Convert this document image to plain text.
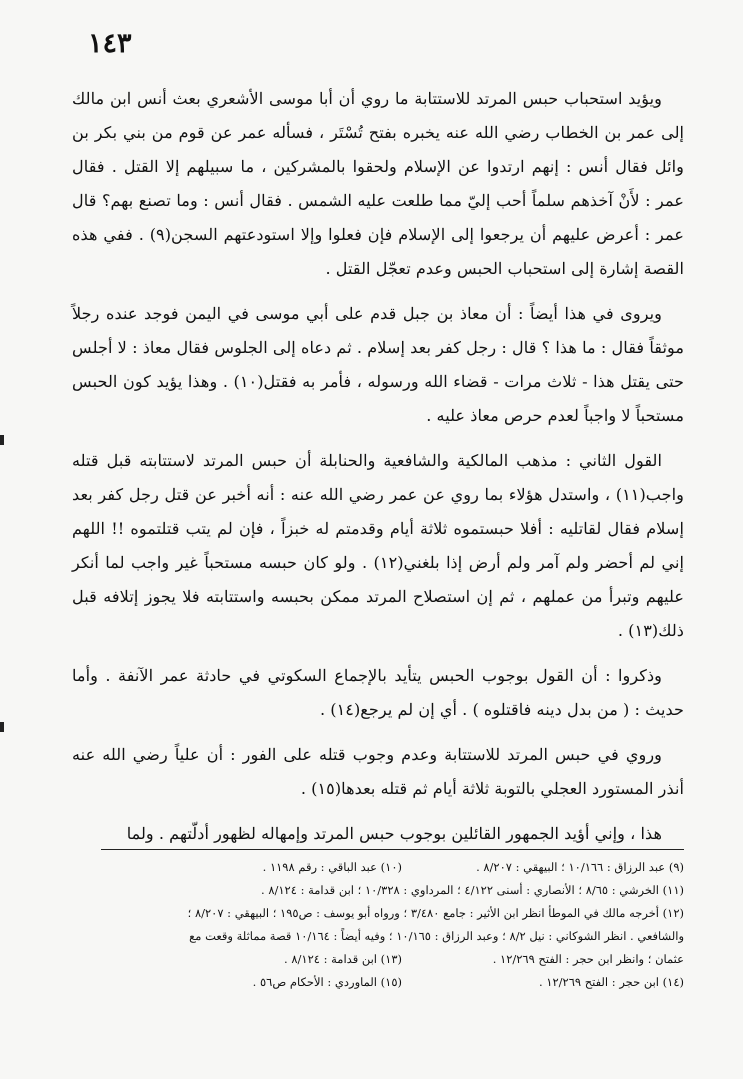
١٤٣

ويؤيد استحباب حبس المرتد للاستتابة ما روي أن أبا موسى الأشعري بعث أنس ابن مالك إلى عمر بن الخطاب رضي الله عنه يخبره بفتح تُسْتَر ، فسأله عمر عن قوم من بني بكر بن وائل فقال أنس : إنهم ارتدوا عن الإسلام ولحقوا بالمشركين ، ما سبيلهم إلا القتل . فقال عمر : لأَنْ آخذهم سلماً أحب إليّ مما طلعت عليه الشمس . فقال أنس : وما تصنع بهم؟ قال عمر : أعرض عليهم أن يرجعوا إلى الإسلام فإن فعلوا وإلا استودعتهم السجن(٩) . ففي هذه القصة إشارة إلى استحباب الحبس وعدم تعجّل القتل .

ويروى في هذا أيضاً : أن معاذ بن جبل قدم على أبي موسى في اليمن فوجد عنده رجلاً موثقاً فقال : ما هذا ؟ قال : رجل كفر بعد إسلام . ثم دعاه إلى الجلوس فقال معاذ : لا أجلس حتى يقتل هذا - ثلاث مرات - قضاء الله ورسوله ، فأمر به فقتل(١٠) . وهذا يؤيد كون الحبس مستحباً لا واجباً لعدم حرص معاذ عليه .

القول الثاني : مذهب المالكية والشافعية والحنابلة أن حبس المرتد لاستتابته قبل قتله واجب(١١) ، واستدل هؤلاء بما روي عن عمر رضي الله عنه : أنه أخبر عن قتل رجل كفر بعد إسلام فقال لقاتليه : أفلا حبستموه ثلاثة أيام وقدمتم له خبزاً ، فإن لم يتب قتلتموه !! اللهم إني لم أحضر ولم آمر ولم أرض إذا بلغني(١٢) . ولو كان حبسه مستحباً غير واجب لما أنكر عليهم وتبرأ من عملهم ، ثم إن استصلاح المرتد ممكن بحبسه واستتابته فلا يجوز إتلافه قبل ذلك(١٣) .

وذكروا : أن القول بوجوب الحبس يتأيد بالإجماع السكوتي في حادثة عمر الآنفة . وأما حديث : ( من بدل دينه فاقتلوه ) . أي إن لم يرجع(١٤) .

وروي في حبس المرتد للاستتابة وعدم وجوب قتله على الفور : أن علياً رضي الله عنه أنذر المستورد العجلي بالتوبة ثلاثة أيام ثم قتله بعدها(١٥) .

هذا ، وإني أؤيد الجمهور القائلين بوجوب حبس المرتد وإمهاله لظهور أدلّتهم . ولما

(٩) عبد الرزاق : ١٠/١٦٦ ؛ البيهقي : ٨/٢٠٧ .
(١٠) عبد الباقي : رقم ١١٩٨ .
(١١) الخرشي : ٨/٦٥ ؛ الأنصاري : أسنى ٤/١٢٢ ؛ المرداوي : ١٠/٣٢٨ ؛ ابن قدامة : ٨/١٢٤ .
(١٢) أخرجه مالك في الموطأ انظر ابن الأثير : جامع ٣/٤٨٠ ؛ ورواه أبو يوسف : ص١٩٥ ؛ البيهقي : ٨/٢٠٧ ؛
والشافعي . انظر الشوكاني : نيل ٨/٢ ؛ وعبد الرزاق : ١٠/١٦٥ ؛ وفيه أيضاً : ١٠/١٦٤ قصة مماثلة وقعت مع
عثمان ؛ وانظر ابن حجر : الفتح ١٢/٢٦٩ .
(١٣) ابن قدامة : ٨/١٢٤ .
(١٤) ابن حجر : الفتح ١٢/٢٦٩ .
(١٥) الماوردي : الأحكام ص٥٦ .
